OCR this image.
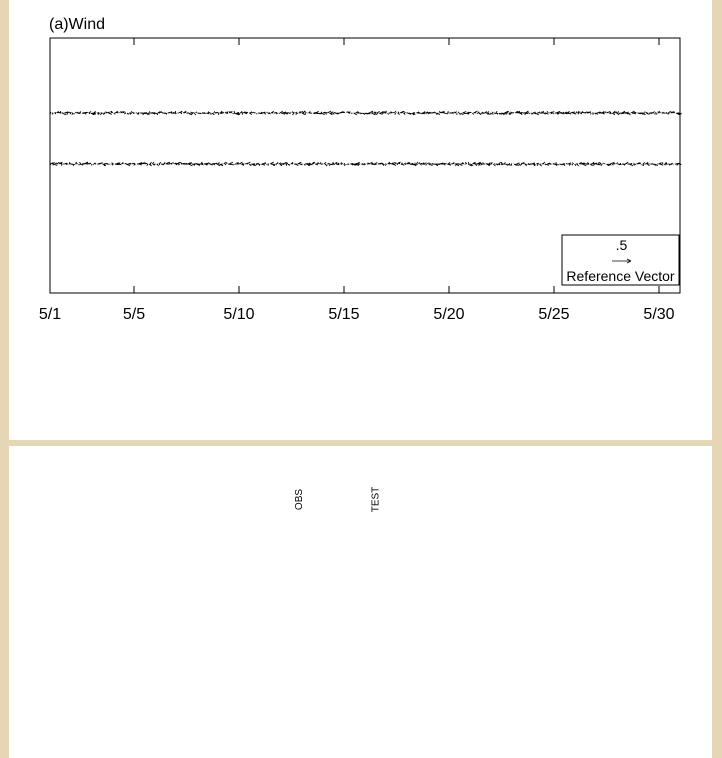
(a)Wind
5/1	5/5	5/10	5/15	5/20	5/25	5/30
.5
Reference Vector
OBS	TEST
